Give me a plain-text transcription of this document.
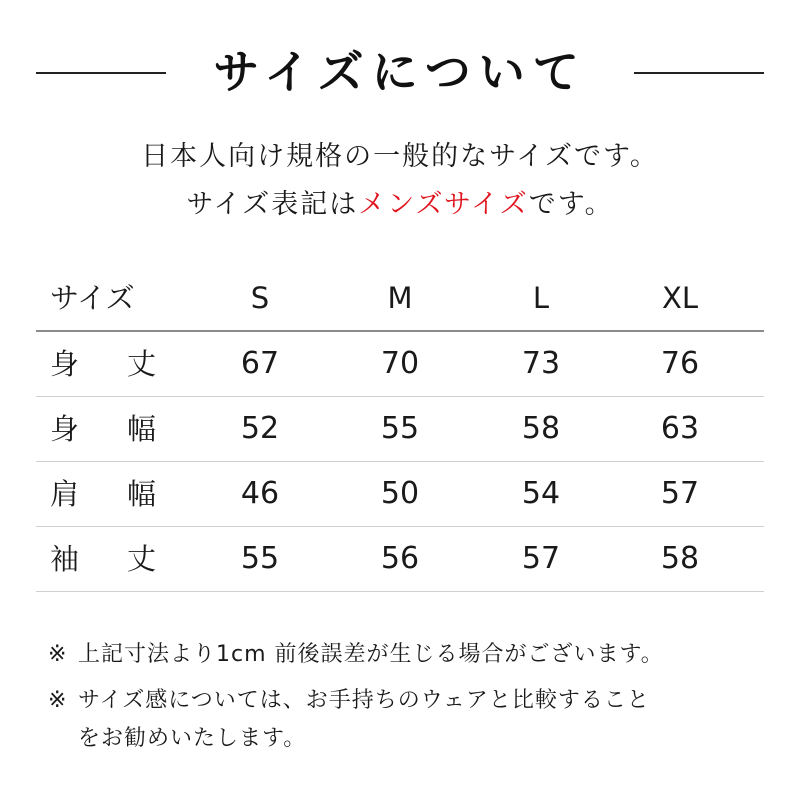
サイズについて
日本人向け規格の一般的なサイズです。
サイズ表記はメンズサイズです。
サイズ	S	M	L	XL
身 丈	67	70	73	76
身 幅	52	55	58	63
肩 幅	46	50	54	57
袖 丈	55	56	57	58
※ 上記寸法より1cm 前後誤差が生じる場合がございます。
※ サイズ感については、お手持ちのウェアと比較すること
をお勧めいたします。
